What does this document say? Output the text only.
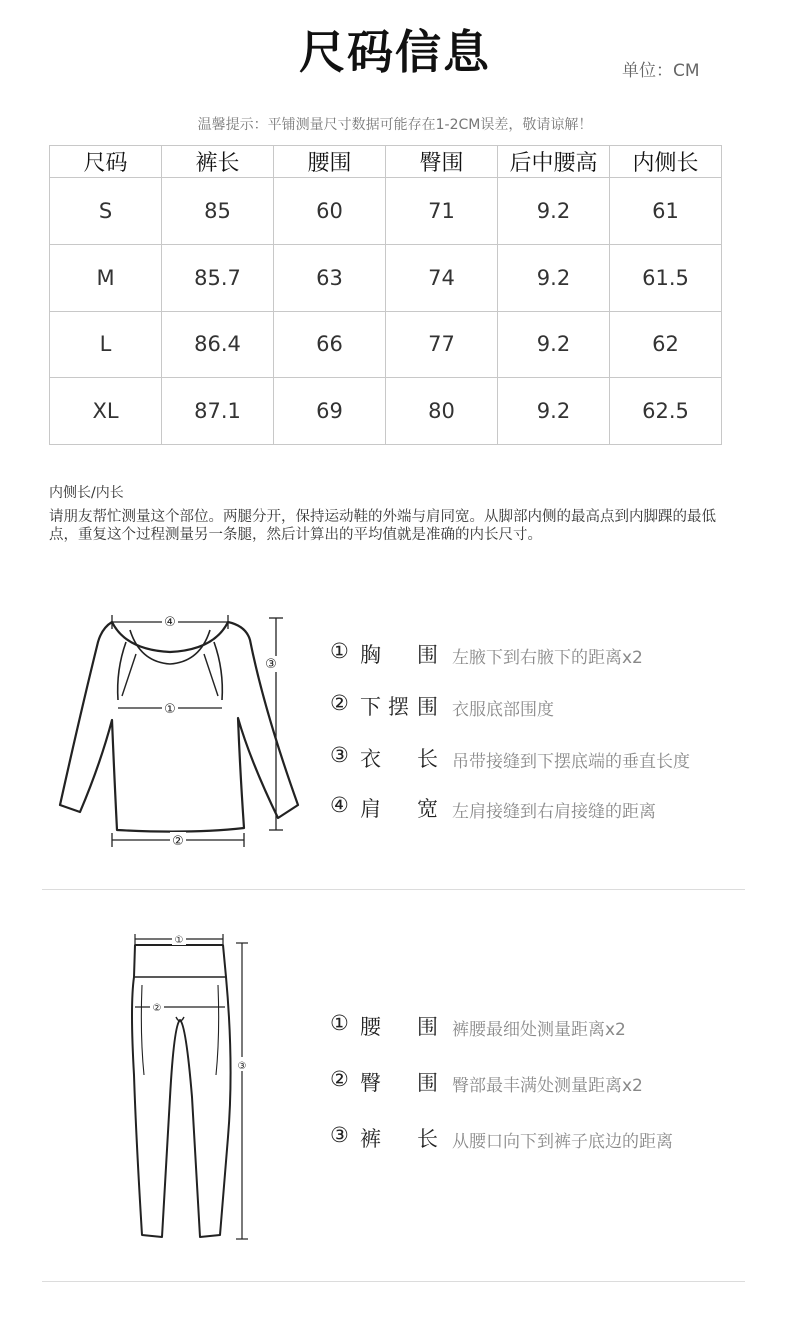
尺码信息	单位：CM
温馨提示：平铺测量尺寸数据可能存在1-2CM误差，敬请谅解！
尺码	裤长	腰围	臀围	后中腰高	内侧长
S	85	60	71	9.2	61
M	85.7	63	74	9.2	61.5
L	86.4	66	77	9.2	62
XL	87.1	69	80	9.2	62.5
内侧长/内长
请朋友帮忙测量这个部位。两腿分开，保持运动鞋的外端与肩同宽。从脚部内侧的最高点到内脚踝的最低点，重复这个过程测量另一条腿，然后计算出的平均值就是准确的内长尺寸。
④
③
①
②
① 胸 围 左腋下到右腋下的距离x2
② 下 摆 围 衣服底部围度
③ 衣 长 吊带接缝到下摆底端的垂直长度
④ 肩 宽 左肩接缝到右肩接缝的距离
①
②
③
① 腰 围 裤腰最细处测量距离x2
② 臀 围 臀部最丰满处测量距离x2
③ 裤 长 从腰口向下到裤子底边的距离
